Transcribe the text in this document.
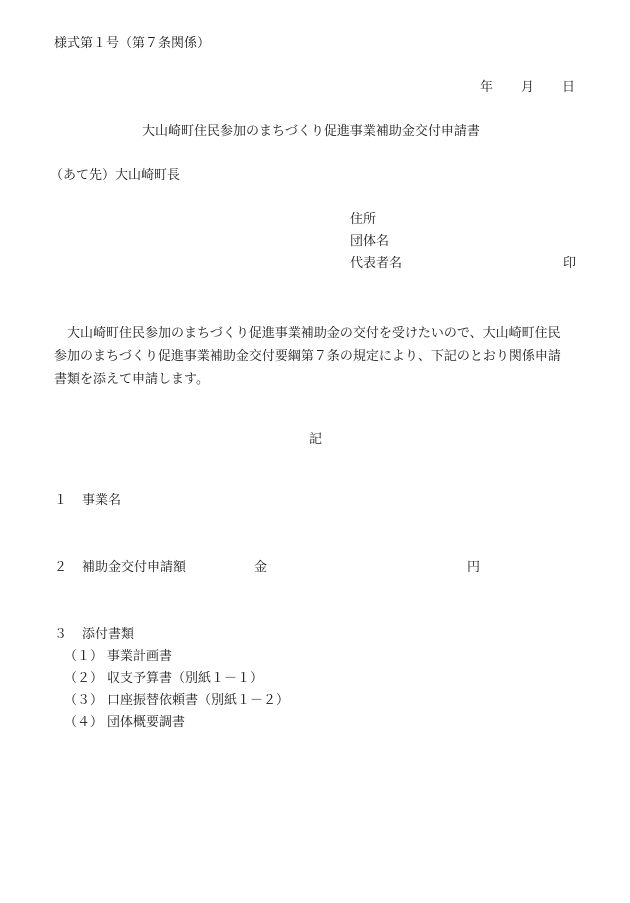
様式第１号（第７条関係）
年 月 日
大山崎町住民参加のまちづくり促進事業補助金交付申請書
（あて先）大山崎町長
住所
団体名
代表者名	印

　大山崎町住民参加のまちづくり促進事業補助金の交付を受けたいので、大山崎町住民

参加のまちづくり促進事業補助金交付要綱第７条の規定により、下記のとおり関係申請

書類を添えて申請します。

記
１ 事業名
２ 補助金交付申請額	金	円
３ 添付書類
（１） 事業計画書
（２） 収支予算書（別紙１－１）
（３） 口座振替依頼書（別紙１－２）
（４） 団体概要調書
